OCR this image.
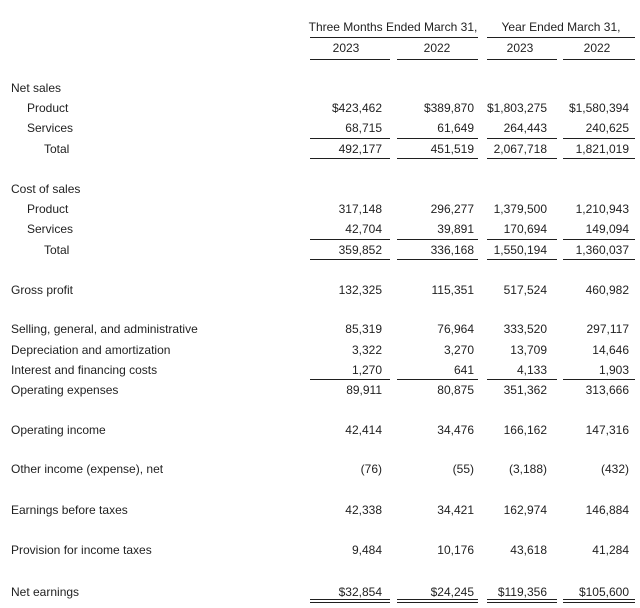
Three Months Ended March 31,	Year Ended March 31,
2023	2022	2023	2022
Net sales
Product	$423,462	$389,870	$1,803,275	$1,580,394
Services	68,715	61,649	264,443	240,625
Total	492,177	451,519	2,067,718	1,821,019
Cost of sales
Product	317,148	296,277	1,379,500	1,210,943
Services	42,704	39,891	170,694	149,094
Total	359,852	336,168	1,550,194	1,360,037
Gross profit	132,325	115,351	517,524	460,982
Selling, general, and administrative	85,319	76,964	333,520	297,117
Depreciation and amortization	3,322	3,270	13,709	14,646
Interest and financing costs	1,270	641	4,133	1,903
Operating expenses	89,911	80,875	351,362	313,666
Operating income	42,414	34,476	166,162	147,316
Other income (expense), net	(76)	(55)	(3,188)	(432)
Earnings before taxes	42,338	34,421	162,974	146,884
Provision for income taxes	9,484	10,176	43,618	41,284
Net earnings	$32,854	$24,245	$119,356	$105,600
